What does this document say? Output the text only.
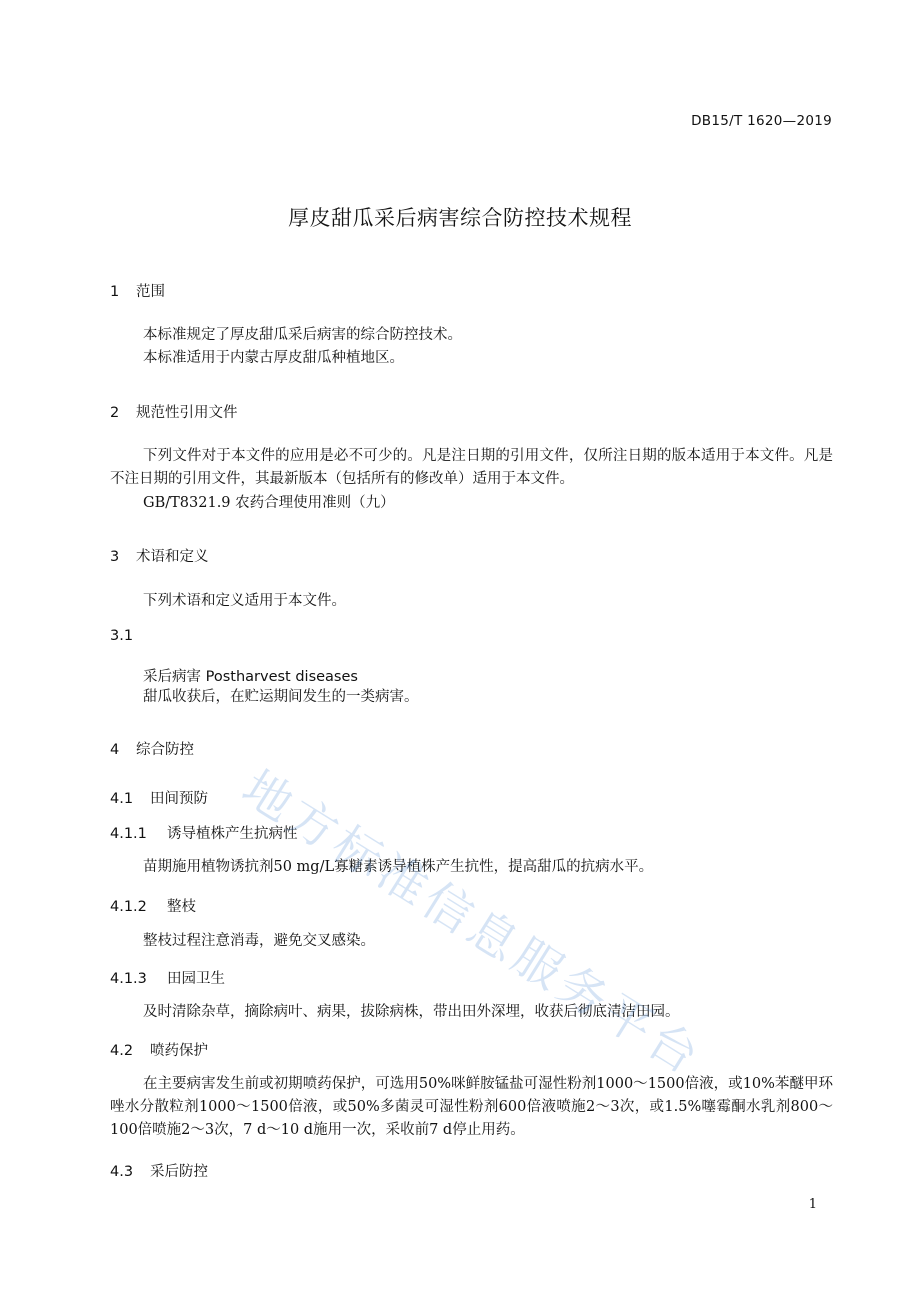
DB15/T 1620—2019
厚皮甜瓜采后病害综合防控技术规程
1 范围
本标准规定了厚皮甜瓜采后病害的综合防控技术。
本标准适用于内蒙古厚皮甜瓜种植地区。
2 规范性引用文件
下列文件对于本文件的应用是必不可少的。凡是注日期的引用文件，仅所注日期的版本适用于本文件。凡是不注日期的引用文件，其最新版本（包括所有的修改单）适用于本文件。
GB/T8321.9 农药合理使用准则（九）
3 术语和定义
下列术语和定义适用于本文件。
3.1
采后病害 Postharvest diseases
甜瓜收获后，在贮运期间发生的一类病害。
4 综合防控
4.1 田间预防
4.1.1 诱导植株产生抗病性
苗期施用植物诱抗剂50 mg/L寡糖素诱导植株产生抗性，提高甜瓜的抗病水平。
4.1.2 整枝
整枝过程注意消毒，避免交叉感染。
4.1.3 田园卫生
及时清除杂草，摘除病叶、病果，拔除病株，带出田外深埋，收获后彻底清洁田园。
4.2 喷药保护
在主要病害发生前或初期喷药保护，可选用50%咪鲜胺锰盐可湿性粉剂1000～1500倍液，或10%苯醚甲环唑水分散粒剂1000～1500倍液，或50%多菌灵可湿性粉剂600倍液喷施2～3次，或1.5%噻霉酮水乳剂800～100倍喷施2～3次，7 d～10 d施用一次，采收前7 d停止用药。
4.3 采后防控
1
地
方
标
准
信
息
服
务
平
台
